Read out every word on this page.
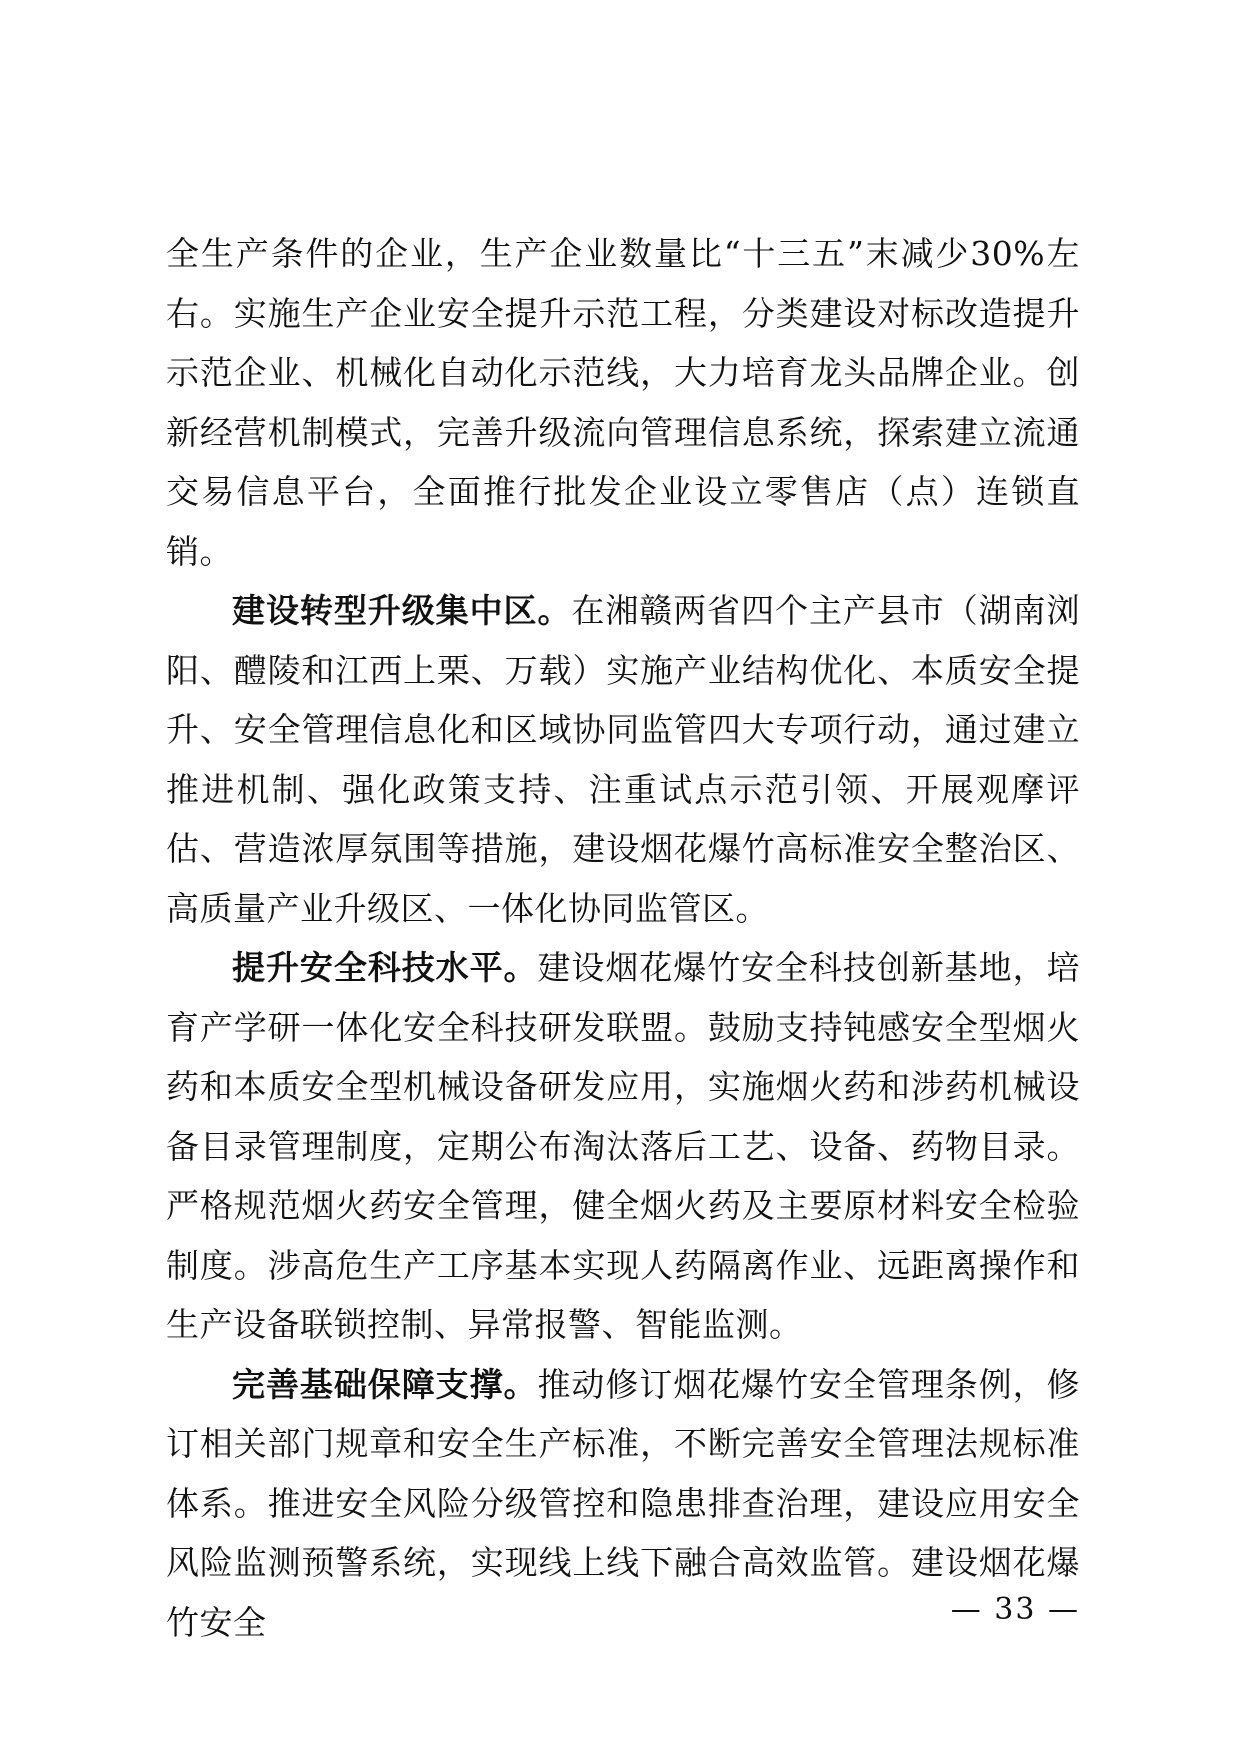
全生产条件的企业，生产企业数量比“十三五”末减少30%左右。实施生产企业安全提升示范工程，分类建设对标改造提升示范企业、机械化自动化示范线，大力培育龙头品牌企业。创新经营机制模式，完善升级流向管理信息系统，探索建立流通交易信息平台，全面推行批发企业设立零售店（点）连锁直销。

建设转型升级集中区。在湘赣两省四个主产县市（湖南浏阳、醴陵和江西上栗、万载）实施产业结构优化、本质安全提升、安全管理信息化和区域协同监管四大专项行动，通过建立推进机制、强化政策支持、注重试点示范引领、开展观摩评估、营造浓厚氛围等措施，建设烟花爆竹高标准安全整治区、高质量产业升级区、一体化协同监管区。

提升安全科技水平。建设烟花爆竹安全科技创新基地，培育产学研一体化安全科技研发联盟。鼓励支持钝感安全型烟火药和本质安全型机械设备研发应用，实施烟火药和涉药机械设备目录管理制度，定期公布淘汰落后工艺、设备、药物目录。严格规范烟火药安全管理，健全烟火药及主要原材料安全检验制度。涉高危生产工序基本实现人药隔离作业、远距离操作和生产设备联锁控制、异常报警、智能监测。

完善基础保障支撑。推动修订烟花爆竹安全管理条例，修订相关部门规章和安全生产标准，不断完善安全管理法规标准体系。推进安全风险分级管控和隐患排查治理，建设应用安全风险监测预警系统，实现线上线下融合高效监管。建设烟花爆竹安全	— 33 —
